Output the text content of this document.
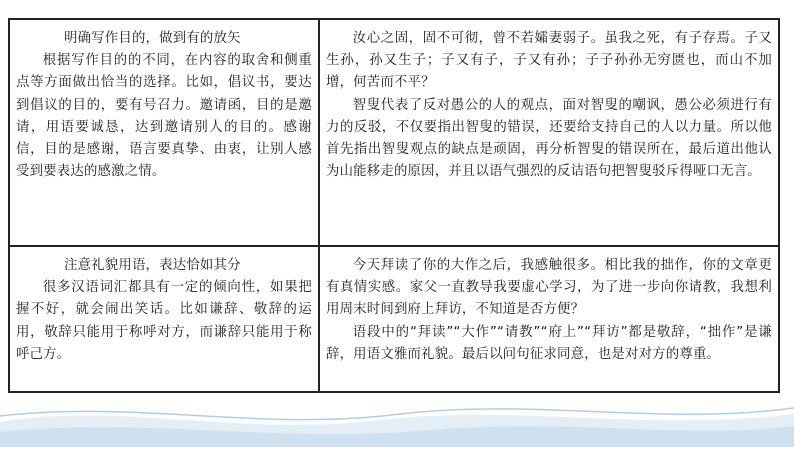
明确写作目的，做到有的放矢

根据写作目的的不同，在内容的取舍和侧重点等方面做出恰当的选择。比如，倡议书，要达到倡议的目的，要有号召力。邀请函，目的是邀请，用语要诚恳，达到邀请别人的目的。感谢信，目的是感谢，语言要真挚、由衷，让别人感受到要表达的感激之情。

汝心之固，固不可彻，曾不若孀妻弱子。虽我之死，有子存焉。子又生孙，孙又生子；子又有子，子又有孙；子子孙孙无穷匮也，而山不加增，何苦而不平？

智叟代表了反对愚公的人的观点，面对智叟的嘲讽，愚公必须进行有力的反驳，不仅要指出智叟的错误，还要给支持自己的人以力量。所以他首先指出智叟观点的缺点是顽固，再分析智叟的错误所在，最后道出他认为山能移走的原因，并且以语气强烈的反诘语句把智叟驳斥得哑口无言。

注意礼貌用语，表达恰如其分

很多汉语词汇都具有一定的倾向性，如果把握不好，就会闹出笑话。比如谦辞、敬辞的运用，敬辞只能用于称呼对方，而谦辞只能用于称呼己方。

今天拜读了你的大作之后，我感触很多。相比我的拙作，你的文章更有真情实感。家父一直教导我要虚心学习，为了进一步向你请教，我想利用周末时间到府上拜访，不知道是否方便？

语段中的“拜读”“大作”“请教”“府上”“拜访”都是敬辞，“拙作”是谦辞，用语文雅而礼貌。最后以问句征求同意，也是对对方的尊重。
